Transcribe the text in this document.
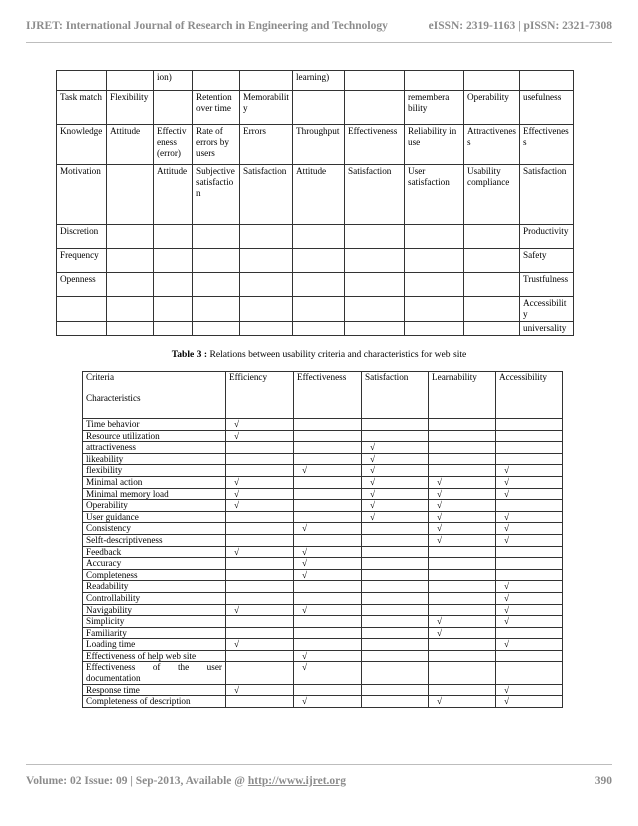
IJRET: International Journal of Research in Engineering and Technology	eISSN: 2319-1163 | pISSN: 2321-7308
		ion)			learning)				
Task match	Flexibility		Retention over time	Memorability			remembera bility	Operability	usefulness
Knowledge	Attitude	Effectiveness (error)	Rate of errors by users	Errors	Throughput	Effectiveness	Reliability in use	Attractiveness	Effectiveness
Motivation		Attitude	Subjective satisfaction	Satisfaction	Attitude	Satisfaction	User satisfaction	Usability compliance	Satisfaction
Discretion									Productivity
Frequency									Safety
Openness									Trustfulness
									Accessibility
									universality
Table 3 : Relations between usability criteria and characteristics for web site
Criteria
Characteristics	Efficiency	Effectiveness	Satisfaction	Learnability	Accessibility
Time behavior	√				
Resource utilization	√				
attractiveness			√		
likeability			√		
flexibility		√	√		√
Minimal action	√		√	√	√
Minimal memory load	√		√	√	√
Operability	√		√	√	
User guidance			√	√	√
Consistency		√		√	√
Selft-descriptiveness				√	√
Feedback	√	√			
Accuracy		√			
Completeness		√			
Readability					√
Controllability					√
Navigability	√	√			√
Simplicity				√	√
Familiarity				√	
Loading time	√				√
Effectiveness of help web site		√			
Effectiveness of the user documentation		√			
Response time	√				√
Completeness of description		√		√	√
Volume: 02 Issue: 09 | Sep-2013, Available @ http://www.ijret.org	390
